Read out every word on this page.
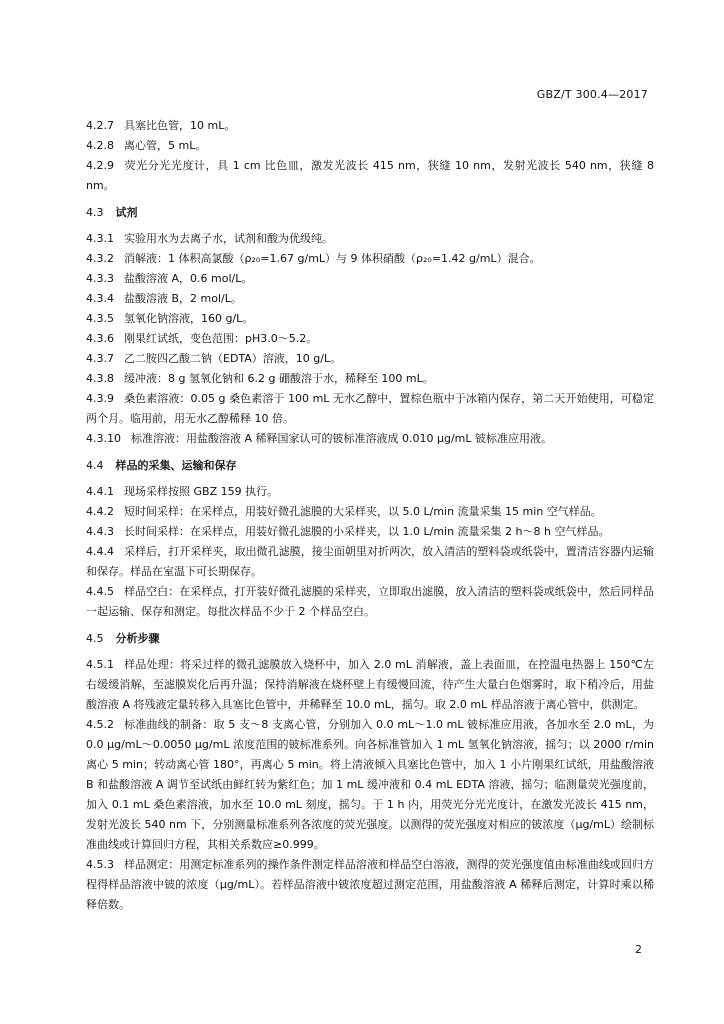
GBZ/T 300.4—2017

4.2.7 具塞比色管，10 mL。

4.2.8 离心管，5 mL。

4.2.9 荧光分光光度计，具 1 cm 比色皿，激发光波长 415 nm，狭缝 10 nm，发射光波长 540 nm，狭缝 8 nm。

4.3 试剂

4.3.1 实验用水为去离子水，试剂和酸为优级纯。

4.3.2 消解液：1 体积高氯酸（ρ₂₀=1.67 g/mL）与 9 体积硝酸（ρ₂₀=1.42 g/mL）混合。

4.3.3 盐酸溶液 A，0.6 mol/L。

4.3.4 盐酸溶液 B，2 mol/L。

4.3.5 氢氧化钠溶液，160 g/L。

4.3.6 刚果红试纸，变色范围：pH3.0～5.2。

4.3.7 乙二胺四乙酸二钠（EDTA）溶液，10 g/L。

4.3.8 缓冲液：8 g 氢氧化钠和 6.2 g 硼酸溶于水，稀释至 100 mL。

4.3.9 桑色素溶液：0.05 g 桑色素溶于 100 mL 无水乙醇中，置棕色瓶中于冰箱内保存，第二天开始使用，可稳定两个月。临用前，用无水乙醇稀释 10 倍。

4.3.10 标准溶液：用盐酸溶液 A 稀释国家认可的铍标准溶液成 0.010 μg/mL 铍标准应用液。

4.4 样品的采集、运输和保存

4.4.1 现场采样按照 GBZ 159 执行。

4.4.2 短时间采样：在采样点，用装好微孔滤膜的大采样夹，以 5.0 L/min 流量采集 15 min 空气样品。

4.4.3 长时间采样：在采样点，用装好微孔滤膜的小采样夹，以 1.0 L/min 流量采集 2 h～8 h 空气样品。

4.4.4 采样后，打开采样夹，取出微孔滤膜，接尘面朝里对折两次，放入清洁的塑料袋或纸袋中，置清洁容器内运输和保存。样品在室温下可长期保存。

4.4.5 样品空白：在采样点，打开装好微孔滤膜的采样夹，立即取出滤膜，放入清洁的塑料袋或纸袋中，然后同样品一起运输、保存和测定。每批次样品不少于 2 个样品空白。

4.5 分析步骤

4.5.1 样品处理：将采过样的微孔滤膜放入烧杯中，加入 2.0 mL 消解液，盖上表面皿，在控温电热器上 150℃左右缓缓消解，至滤膜炭化后再升温；保持消解液在烧杯壁上有缓慢回流，待产生大量白色烟雾时，取下稍冷后，用盐酸溶液 A 将残液定量转移入具塞比色管中，并稀释至 10.0 mL，摇匀。取 2.0 mL 样品溶液于离心管中，供测定。

4.5.2 标准曲线的制备：取 5 支～8 支离心管，分别加入 0.0 mL～1.0 mL 铍标准应用液，各加水至 2.0 mL，为 0.0 μg/mL～0.0050 μg/mL 浓度范围的铍标准系列。向各标准管加入 1 mL 氢氧化钠溶液，摇匀；以 2000 r/min 离心 5 min；转动离心管 180°，再离心 5 min。将上清液倾入具塞比色管中，加入 1 小片刚果红试纸，用盐酸溶液 B 和盐酸溶液 A 调节至试纸由鲜红转为紫红色；加 1 mL 缓冲液和 0.4 mL EDTA 溶液，摇匀；临测量荧光强度前，加入 0.1 mL 桑色素溶液，加水至 10.0 mL 刻度，摇匀。于 1 h 内，用荧光分光光度计，在激发光波长 415 nm，发射光波长 540 nm 下，分别测量标准系列各浓度的荧光强度。以测得的荧光强度对相应的铍浓度（μg/mL）绘制标准曲线或计算回归方程，其相关系数应≥0.999。

4.5.3 样品测定：用测定标准系列的操作条件测定样品溶液和样品空白溶液，测得的荧光强度值由标准曲线或回归方程得样品溶液中铍的浓度（μg/mL）。若样品溶液中铍浓度超过测定范围，用盐酸溶液 A 稀释后测定，计算时乘以稀释倍数。

2
